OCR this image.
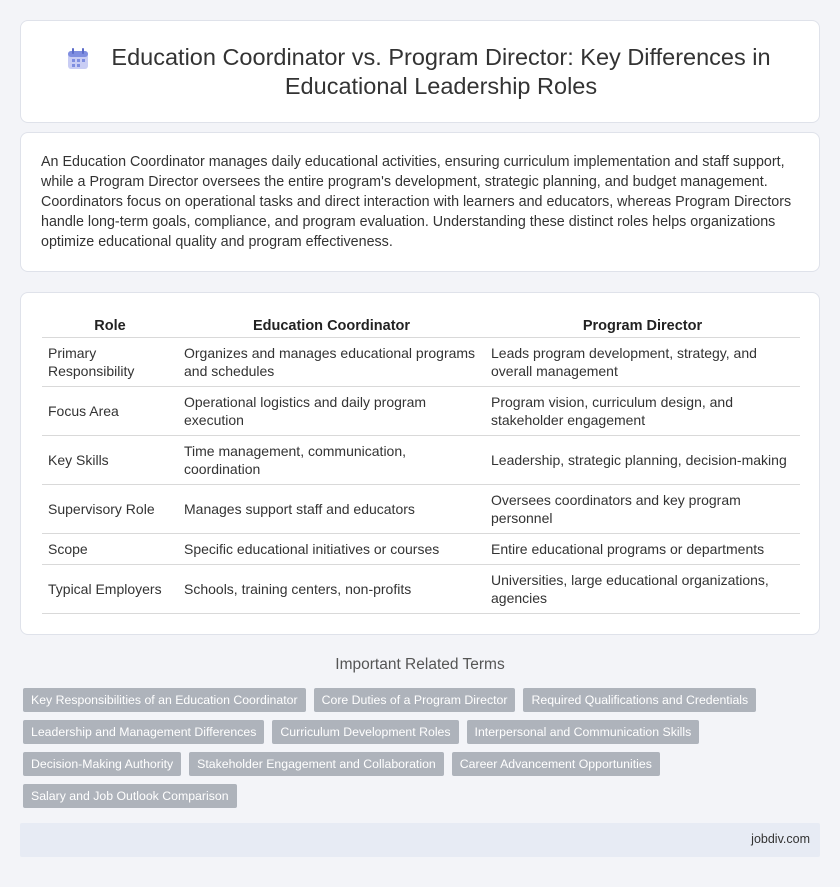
Education Coordinator vs. Program Director: Key Differences in Educational Leadership Roles

An Education Coordinator manages daily educational activities, ensuring curriculum implementation and staff support, while a Program Director oversees the entire program's development, strategic planning, and budget management. Coordinators focus on operational tasks and direct interaction with learners and educators, whereas Program Directors handle long-term goals, compliance, and program evaluation. Understanding these distinct roles helps organizations optimize educational quality and program effectiveness.

Role	Education Coordinator	Program Director
Primary Responsibility	Organizes and manages educational programs and schedules	Leads program development, strategy, and overall management
Focus Area	Operational logistics and daily program execution	Program vision, curriculum design, and stakeholder engagement
Key Skills	Time management, communication, coordination	Leadership, strategic planning, decision-making
Supervisory Role	Manages support staff and educators	Oversees coordinators and key program personnel
Scope	Specific educational initiatives or courses	Entire educational programs or departments
Typical Employers	Schools, training centers, non-profits	Universities, large educational organizations, agencies
Important Related Terms
Key Responsibilities of an Education Coordinator	Core Duties of a Program Director	Required Qualifications and Credentials
Leadership and Management Differences	Curriculum Development Roles	Interpersonal and Communication Skills
Decision-Making Authority	Stakeholder Engagement and Collaboration	Career Advancement Opportunities
Salary and Job Outlook Comparison
jobdiv.com
